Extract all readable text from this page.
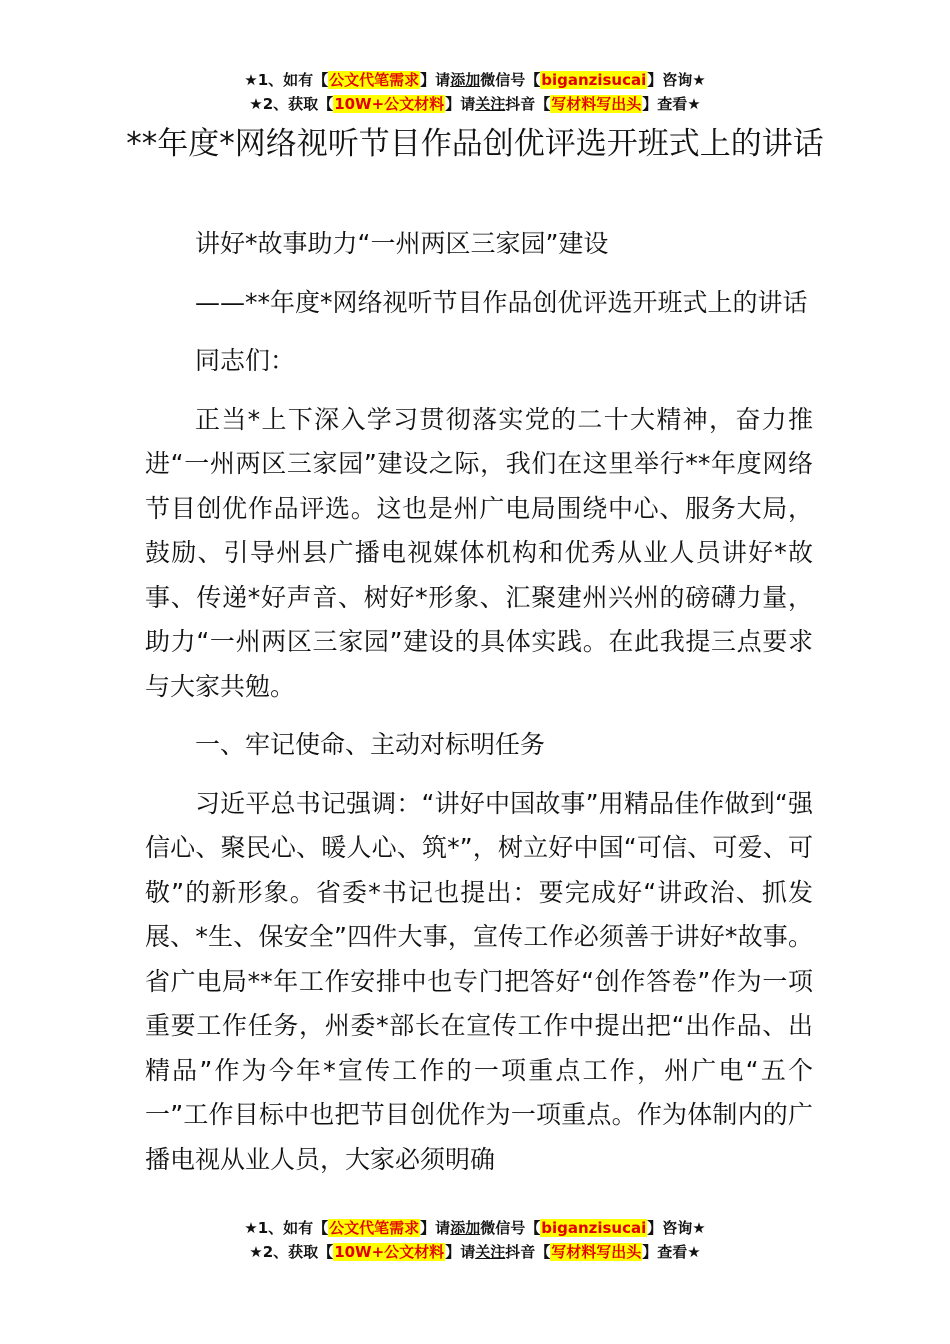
★1、如有【公文代笔需求】请添加微信号【biganzisucai】咨询★
★2、获取【10W+公文材料】请关注抖音【写材料写出头】查看★
**年度*网络视听节目作品创优评选开班式上的讲话

讲好*故事助力“一州两区三家园”建设

——**年度*网络视听节目作品创优评选开班式上的讲话

同志们：

正当*上下深入学习贯彻落实党的二十大精神，奋力推进“一州两区三家园”建设之际，我们在这里举行**年度网络节目创优作品评选。这也是州广电局围绕中心、服务大局，鼓励、引导州县广播电视媒体机构和优秀从业人员讲好*故事、传递*好声音、树好*形象、汇聚建州兴州的磅礴力量，助力“一州两区三家园”建设的具体实践。在此我提三点要求与大家共勉。

一、牢记使命、主动对标明任务

习近平总书记强调：“讲好中国故事”用精品佳作做到“强信心、聚民心、暖人心、筑*”，树立好中国“可信、可爱、可敬”的新形象。省委*书记也提出：要完成好“讲政治、抓发展、*生、保安全”四件大事，宣传工作必须善于讲好*故事。省广电局**年工作安排中也专门把答好“创作答卷”作为一项重要工作任务，州委*部长在宣传工作中提出把“出作品、出精品”作为今年*宣传工作的一项重点工作，州广电“五个一”工作目标中也把节目创优作为一项重点。作为体制内的广播电视从业人员，大家必须明确

★1、如有【公文代笔需求】请添加微信号【biganzisucai】咨询★
★2、获取【10W+公文材料】请关注抖音【写材料写出头】查看★
